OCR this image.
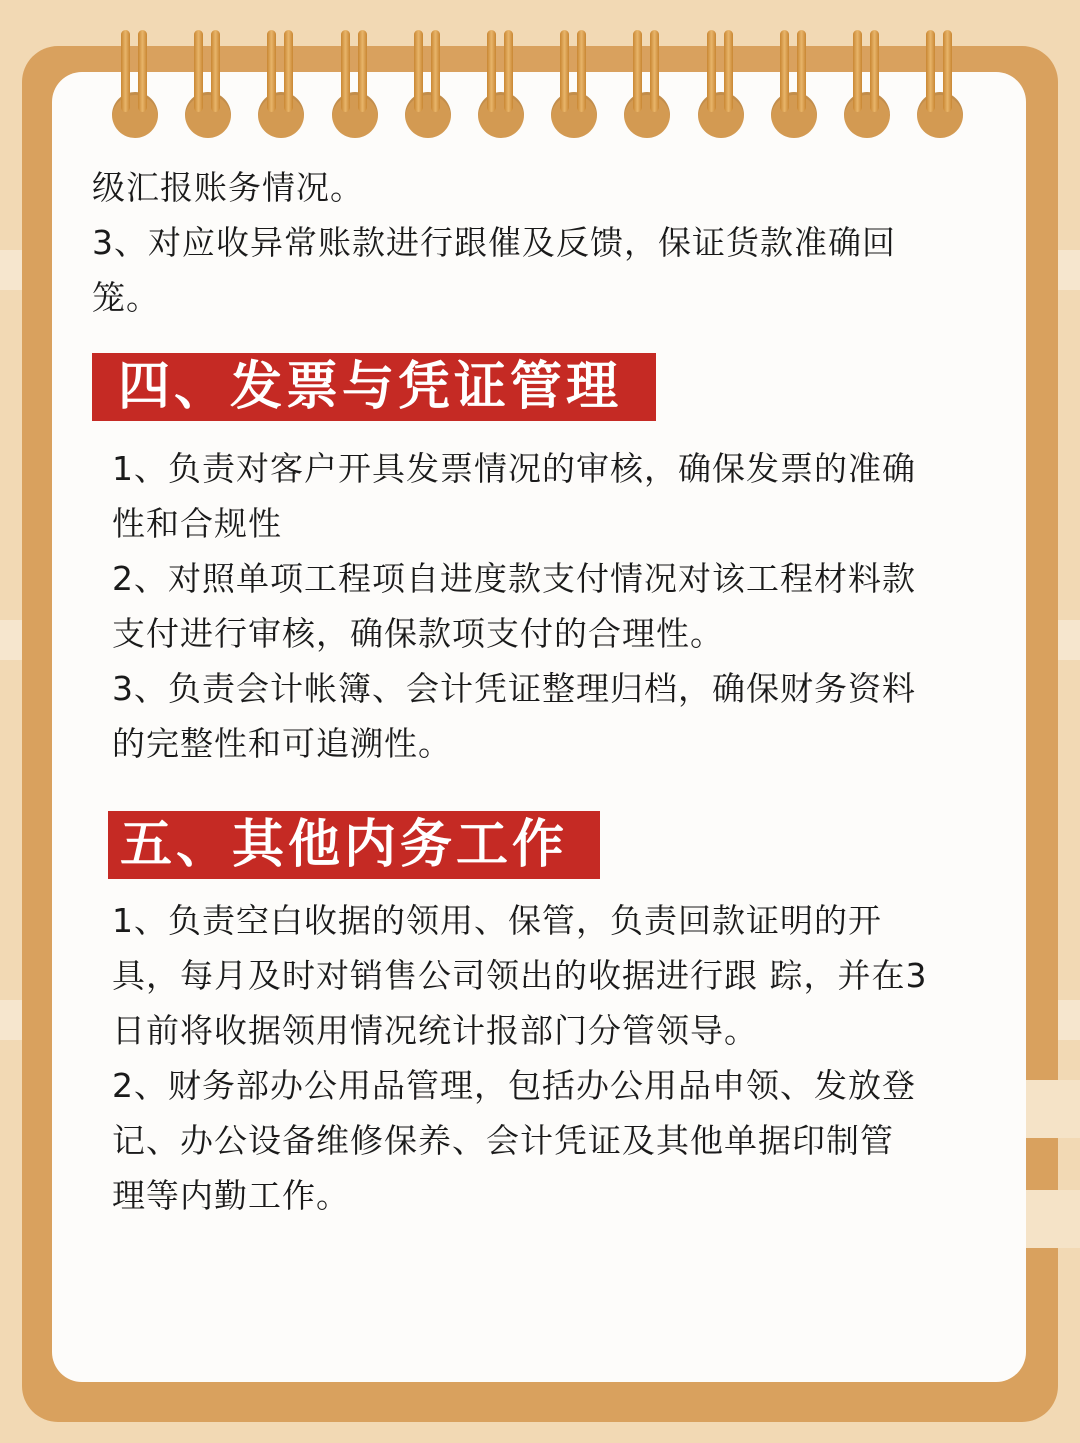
级汇报账务情况。

3、对应收异常账款进行跟催及反馈，保证货款准确回

笼。

四、发票与凭证管理

1、负责对客户开具发票情况的审核，确保发票的准确

性和合规性

2、对照单项工程项自进度款支付情况对该工程材料款

支付进行审核，确保款项支付的合理性。

3、负责会计帐簿、会计凭证整理归档，确保财务资料

的完整性和可追溯性。

五、其他内务工作

1、负责空白收据的领用、保管，负责回款证明的开

具，每月及时对销售公司领出的收据进行跟 踪，并在3

日前将收据领用情况统计报部门分管领导。

2、财务部办公用品管理，包括办公用品申领、发放登

记、办公设备维修保养、会计凭证及其他单据印制管

理等内勤工作。
